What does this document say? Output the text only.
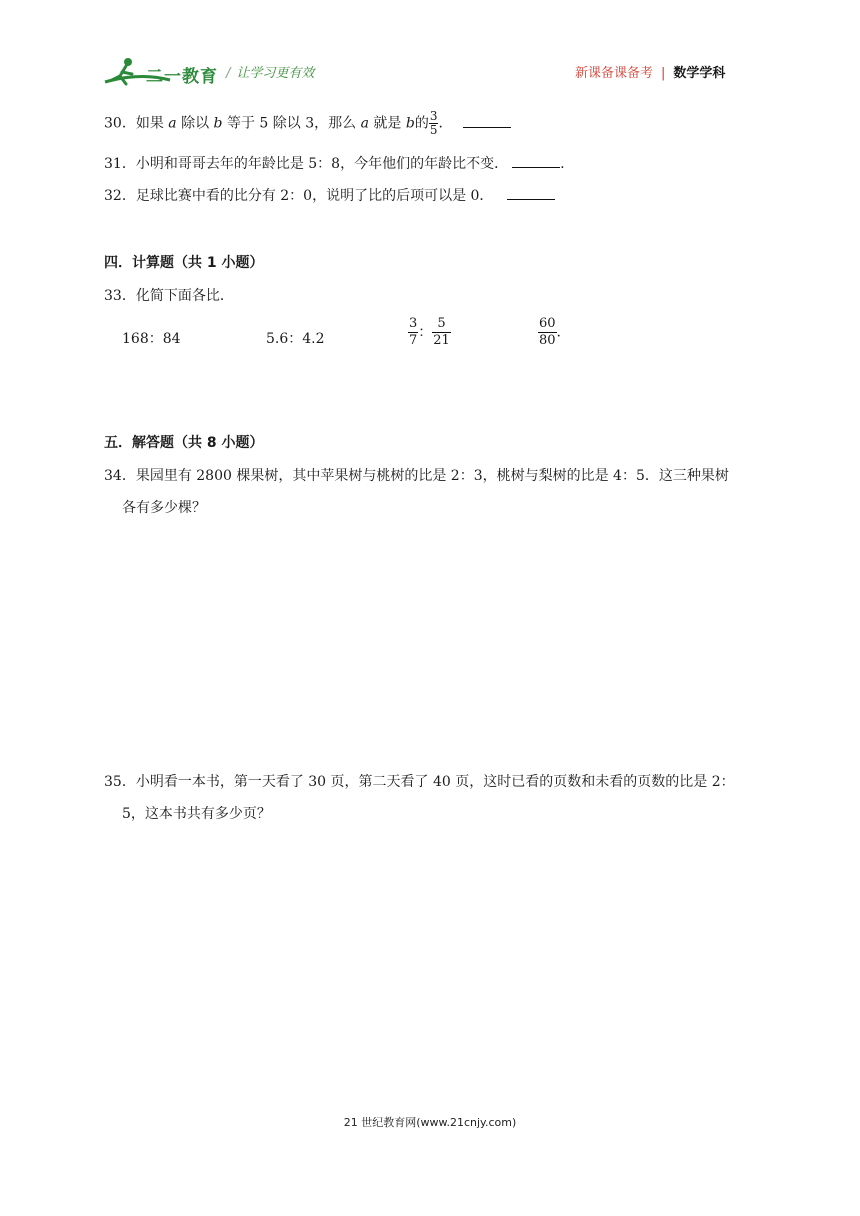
二一教育 / 让学习更有效	新课备课备考 | 数学学科
30．如果 a 除以 b 等于 5 除以 3，那么 a 就是 b的 $\frac{3}{5}$ ．
31．小明和哥哥去年的年龄比是 5：8，今年他们的年龄比不变．	.
32．足球比赛中看的比分有 2：0，说明了比的后项可以是 0．
四．计算题（共 1 小题）
33．化简下面各比．
168：84	5.6：4.2	$\frac{3}{7}$ ： $\frac{5}{21}$	$\frac{60}{80}$ .
五．解答题（共 8 小题）
34．果园里有 2800 棵果树，其中苹果树与桃树的比是 2：3，桃树与梨树的比是 4：5．这三种果树
各有多少棵？
35．小明看一本书，第一天看了 30 页，第二天看了 40 页，这时已看的页数和未看的页数的比是 2：
5，这本书共有多少页？
21 世纪教育网(www.21cnjy.com)
